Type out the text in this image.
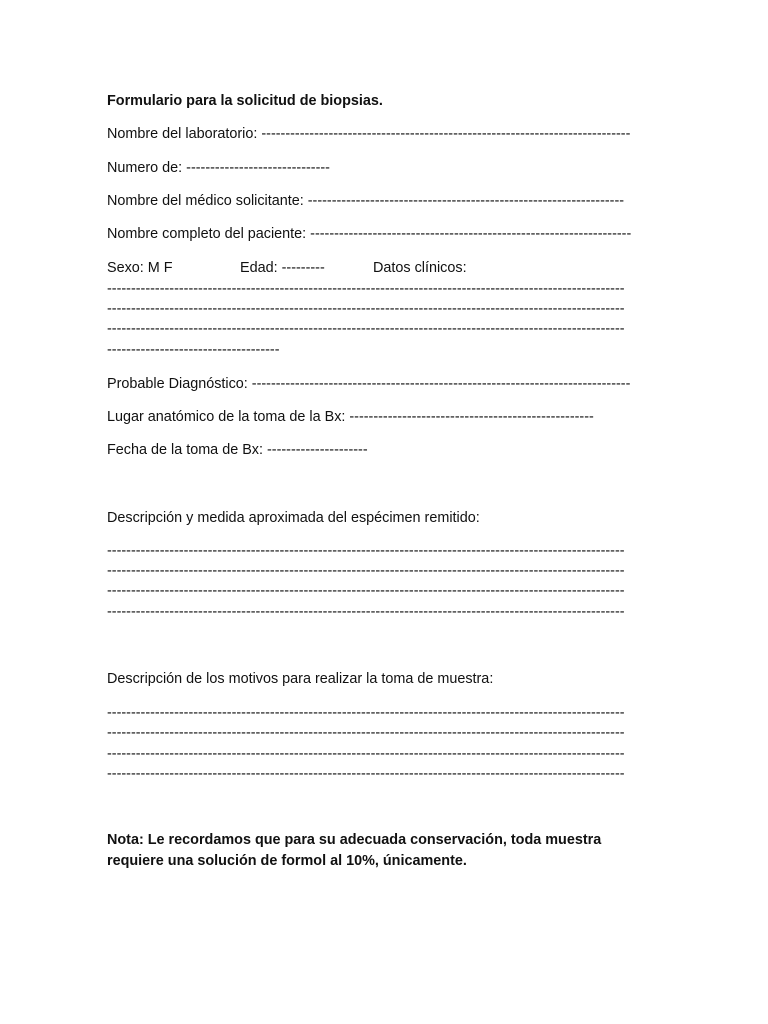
Formulario para la solicitud de biopsias.
Nombre del laboratorio: -----------------------------------------------------------------------------
Numero de: ------------------------------
Nombre del médico solicitante: ------------------------------------------------------------------
Nombre completo del paciente: -------------------------------------------------------------------
Sexo: M F	Edad: ---------	Datos clínicos:
------------------------------------------------------------------------------------------------------------
------------------------------------------------------------------------------------------------------------
------------------------------------------------------------------------------------------------------------
------------------------------------
Probable Diagnóstico: -------------------------------------------------------------------------------
Lugar anatómico de la toma de la Bx: ---------------------------------------------------
Fecha de la toma de Bx: ---------------------
Descripción y medida aproximada del espécimen remitido:
------------------------------------------------------------------------------------------------------------
------------------------------------------------------------------------------------------------------------
------------------------------------------------------------------------------------------------------------
------------------------------------------------------------------------------------------------------------
Descripción de los motivos para realizar la toma de muestra:
------------------------------------------------------------------------------------------------------------
------------------------------------------------------------------------------------------------------------
------------------------------------------------------------------------------------------------------------
------------------------------------------------------------------------------------------------------------
Nota: Le recordamos que para su adecuada conservación, toda muestra
requiere una solución de formol al 10%, únicamente.
